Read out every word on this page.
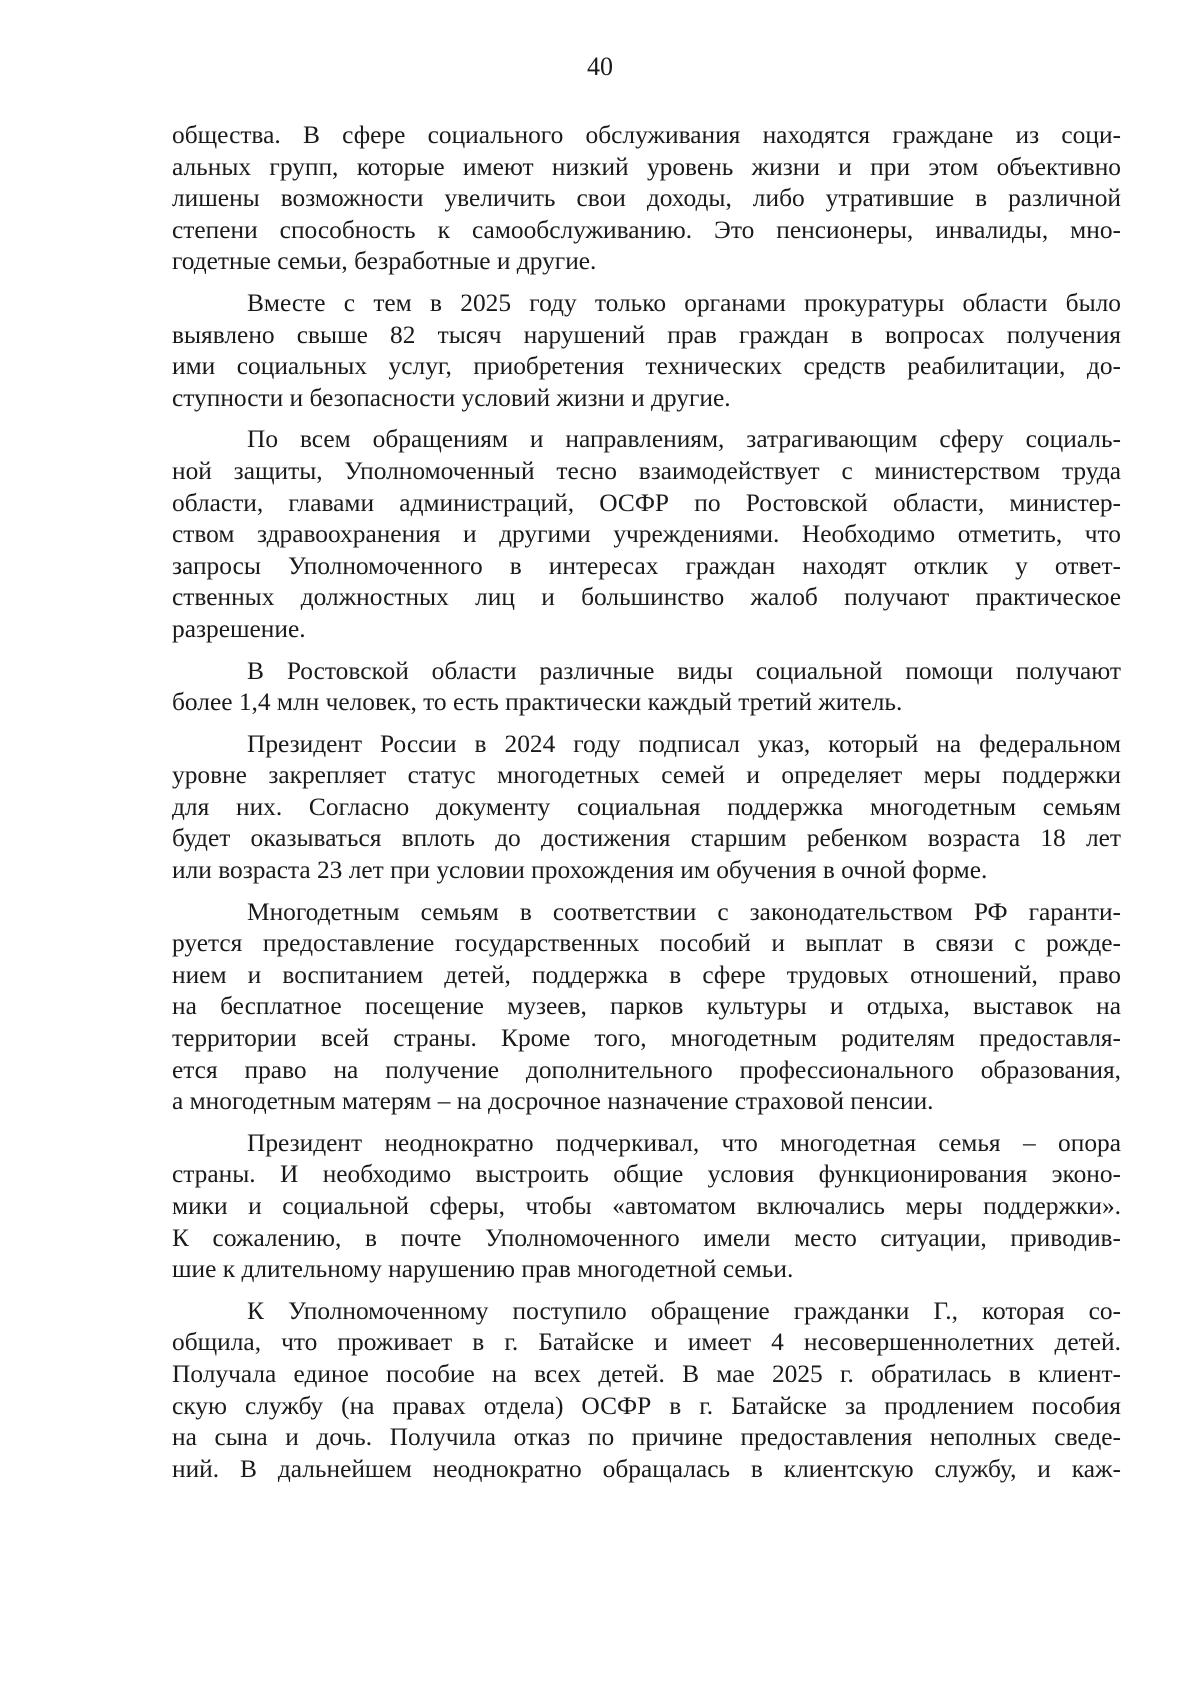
40

общества. В сфере социального обслуживания находятся граждане из соци-
альных групп, которые имеют низкий уровень жизни и при этом объективно
лишены возможности увеличить свои доходы, либо утратившие в различной
степени способность к самообслуживанию. Это пенсионеры, инвалиды, мно-
годетные семьи, безработные и другие.

Вместе с тем в 2025 году только органами прокуратуры области было
выявлено свыше 82 тысяч нарушений прав граждан в вопросах получения
ими социальных услуг, приобретения технических средств реабилитации, до-
ступности и безопасности условий жизни и другие.

По всем обращениям и направлениям, затрагивающим сферу социаль-
ной защиты, Уполномоченный тесно взаимодействует с министерством труда
области, главами администраций, ОСФР по Ростовской области, министер-
ством здравоохранения и другими учреждениями. Необходимо отметить, что
запросы Уполномоченного в интересах граждан находят отклик у ответ-
ственных должностных лиц и большинство жалоб получают практическое
разрешение.

В Ростовской области различные виды социальной помощи получают
более 1,4 млн человек, то есть практически каждый третий житель.

Президент России в 2024 году подписал указ, который на федеральном
уровне закрепляет статус многодетных семей и определяет меры поддержки
для них. Согласно документу социальная поддержка многодетным семьям
будет оказываться вплоть до достижения старшим ребенком возраста 18 лет
или возраста 23 лет при условии прохождения им обучения в очной форме.

Многодетным семьям в соответствии с законодательством РФ гаранти-
руется предоставление государственных пособий и выплат в связи с рожде-
нием и воспитанием детей, поддержка в сфере трудовых отношений, право
на бесплатное посещение музеев, парков культуры и отдыха, выставок на
территории всей страны. Кроме того, многодетным родителям предоставля-
ется право на получение дополнительного профессионального образования,
а многодетным матерям – на досрочное назначение страховой пенсии.

Президент неоднократно подчеркивал, что многодетная семья – опора
страны. И необходимо выстроить общие условия функционирования эконо-
мики и социальной сферы, чтобы «автоматом включались меры поддержки».
К сожалению, в почте Уполномоченного имели место ситуации, приводив-
шие к длительному нарушению прав многодетной семьи.

К Уполномоченному поступило обращение гражданки Г., которая со-
общила, что проживает в г. Батайске и имеет 4 несовершеннолетних детей.
Получала единое пособие на всех детей. В мае 2025 г. обратилась в клиент-
скую службу (на правах отдела) ОСФР в г. Батайске за продлением пособия
на сына и дочь. Получила отказ по причине предоставления неполных сведе-
ний. В дальнейшем неоднократно обращалась в клиентскую службу, и каж-
